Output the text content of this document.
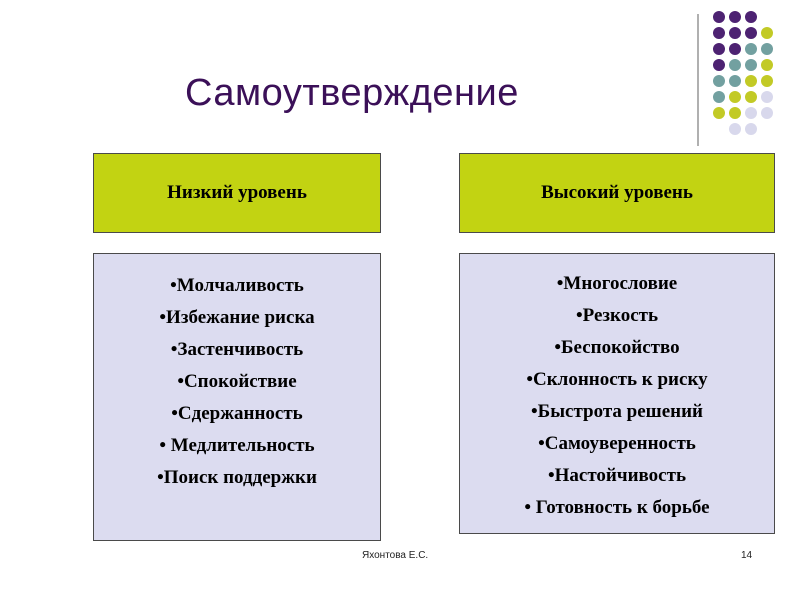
Самоутверждение
Низкий уровень
•Молчаливость
•Избежание риска
•Застенчивость
•Спокойствие
•Сдержанность
• Медлительность
•Поиск поддержки
Высокий уровень
•Многословие
•Резкость
•Беспокойство
•Склонность к риску
•Быстрота решений
•Самоуверенность
•Настойчивость
• Готовность к борьбе
Яхонтова Е.С.	14
